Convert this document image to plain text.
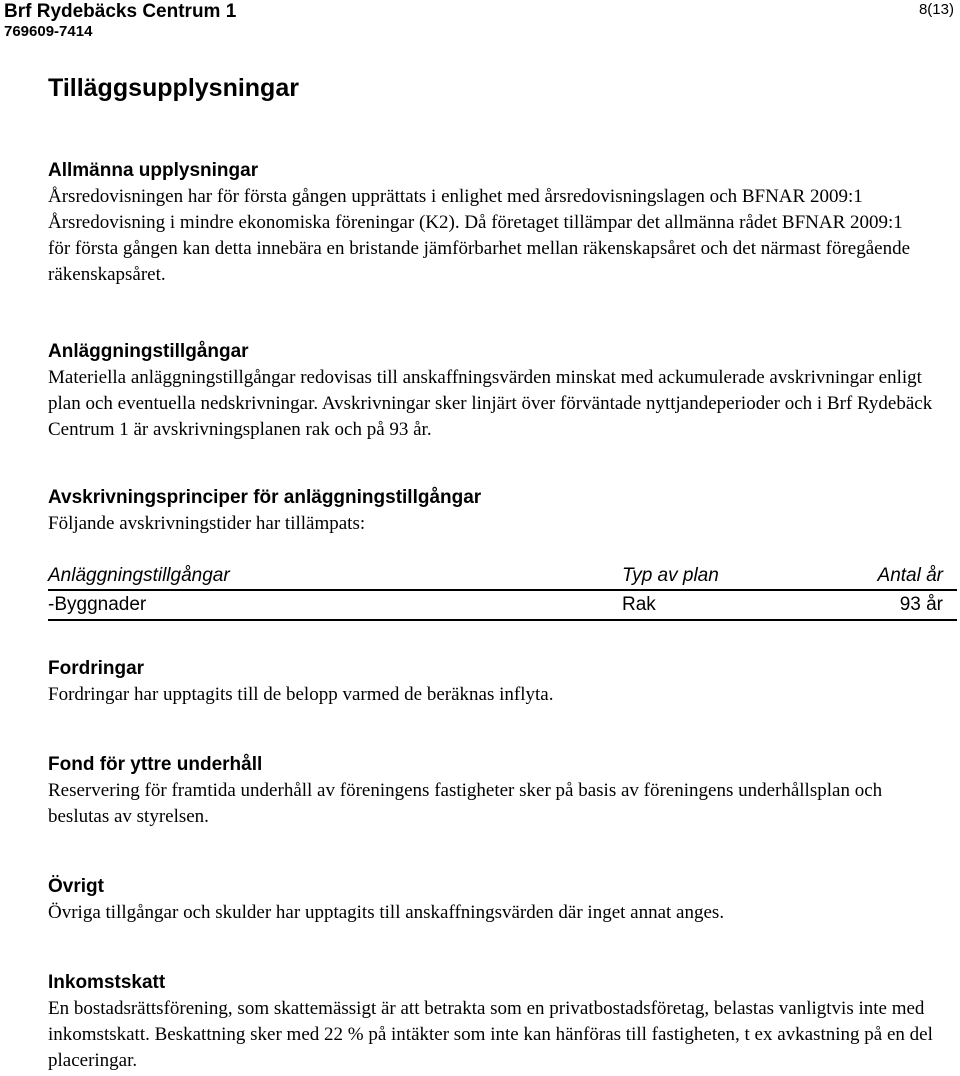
Brf Rydebäcks Centrum 1
769609-7414
8(13)
Tilläggsupplysningar
Allmänna upplysningar

Årsredovisningen har för första gången upprättats i enlighet med årsredovisningslagen och BFNAR 2009:1 Årsredovisning i mindre ekonomiska föreningar (K2). Då företaget tillämpar det allmänna rådet BFNAR 2009:1 för första gången kan detta innebära en bristande jämförbarhet mellan räkenskapsåret och det närmast föregående räkenskapsåret.

Anläggningstillgångar

Materiella anläggningstillgångar redovisas till anskaffningsvärden minskat med ackumulerade avskrivningar enligt plan och eventuella nedskrivningar. Avskrivningar sker linjärt över förväntade nyttjandeperioder och i Brf Rydebäck Centrum 1 är avskrivningsplanen rak och på 93 år.

Avskrivningsprinciper för anläggningstillgångar

Följande avskrivningstider har tillämpats:

Anläggningstillgångar	Typ av plan	Antal år
-Byggnader	Rak	93 år
Fordringar

Fordringar har upptagits till de belopp varmed de beräknas inflyta.

Fond för yttre underhåll

Reservering för framtida underhåll av föreningens fastigheter sker på basis av föreningens underhållsplan och beslutas av styrelsen.

Övrigt

Övriga tillgångar och skulder har upptagits till anskaffningsvärden där inget annat anges.

Inkomstskatt

En bostadsrättsförening, som skattemässigt är att betrakta som en privatbostadsföretag, belastas vanligtvis inte med inkomstskatt. Beskattning sker med 22 % på intäkter som inte kan hänföras till fastigheten, t ex avkastning på en del placeringar.
